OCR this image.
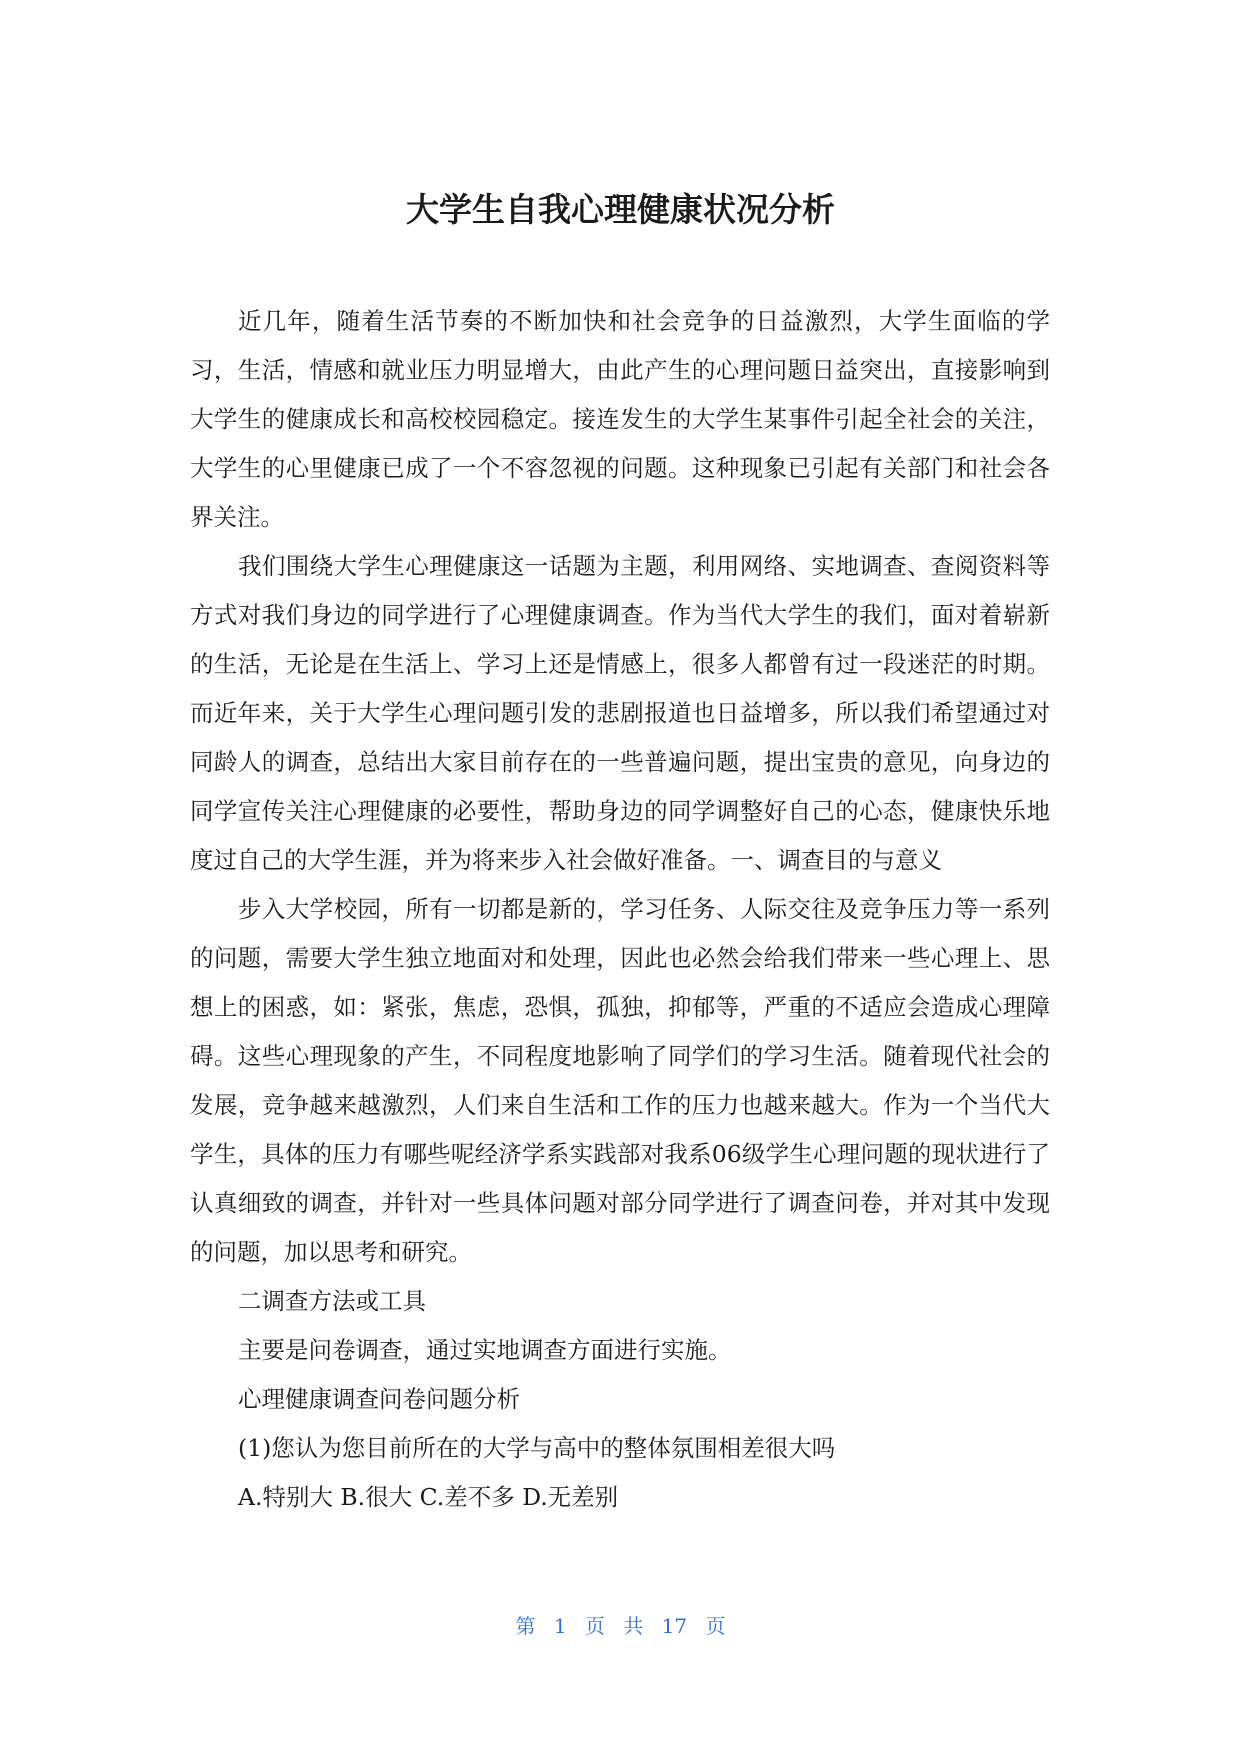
大学生自我心理健康状况分析

近几年，随着生活节奏的不断加快和社会竞争的日益激烈，大学生面临的学习，生活，情感和就业压力明显增大，由此产生的心理问题日益突出，直接影响到大学生的健康成长和高校校园稳定。接连发生的大学生某事件引起全社会的关注，大学生的心里健康已成了一个不容忽视的问题。这种现象已引起有关部门和社会各界关注。

我们围绕大学生心理健康这一话题为主题，利用网络、实地调查、查阅资料等方式对我们身边的同学进行了心理健康调查。作为当代大学生的我们，面对着崭新的生活，无论是在生活上、学习上还是情感上，很多人都曾有过一段迷茫的时期。而近年来，关于大学生心理问题引发的悲剧报道也日益增多，所以我们希望通过对同龄人的调查，总结出大家目前存在的一些普遍问题，提出宝贵的意见，向身边的同学宣传关注心理健康的必要性，帮助身边的同学调整好自己的心态，健康快乐地度过自己的大学生涯，并为将来步入社会做好准备。一、调查目的与意义

步入大学校园，所有一切都是新的，学习任务、人际交往及竞争压力等一系列的问题，需要大学生独立地面对和处理，因此也必然会给我们带来一些心理上、思想上的困惑，如：紧张，焦虑，恐惧，孤独，抑郁等，严重的不适应会造成心理障碍。这些心理现象的产生，不同程度地影响了同学们的学习生活。随着现代社会的发展，竞争越来越激烈，人们来自生活和工作的压力也越来越大。作为一个当代大学生，具体的压力有哪些呢经济学系实践部对我系06级学生心理问题的现状进行了认真细致的调查，并针对一些具体问题对部分同学进行了调查问卷，并对其中发现的问题，加以思考和研究。

二调查方法或工具

主要是问卷调查，通过实地调查方面进行实施。

心理健康调查问卷问题分析

(1)您认为您目前所在的大学与高中的整体氛围相差很大吗

A.特别大 B.很大 C.差不多 D.无差别

第 1 页 共 17 页
